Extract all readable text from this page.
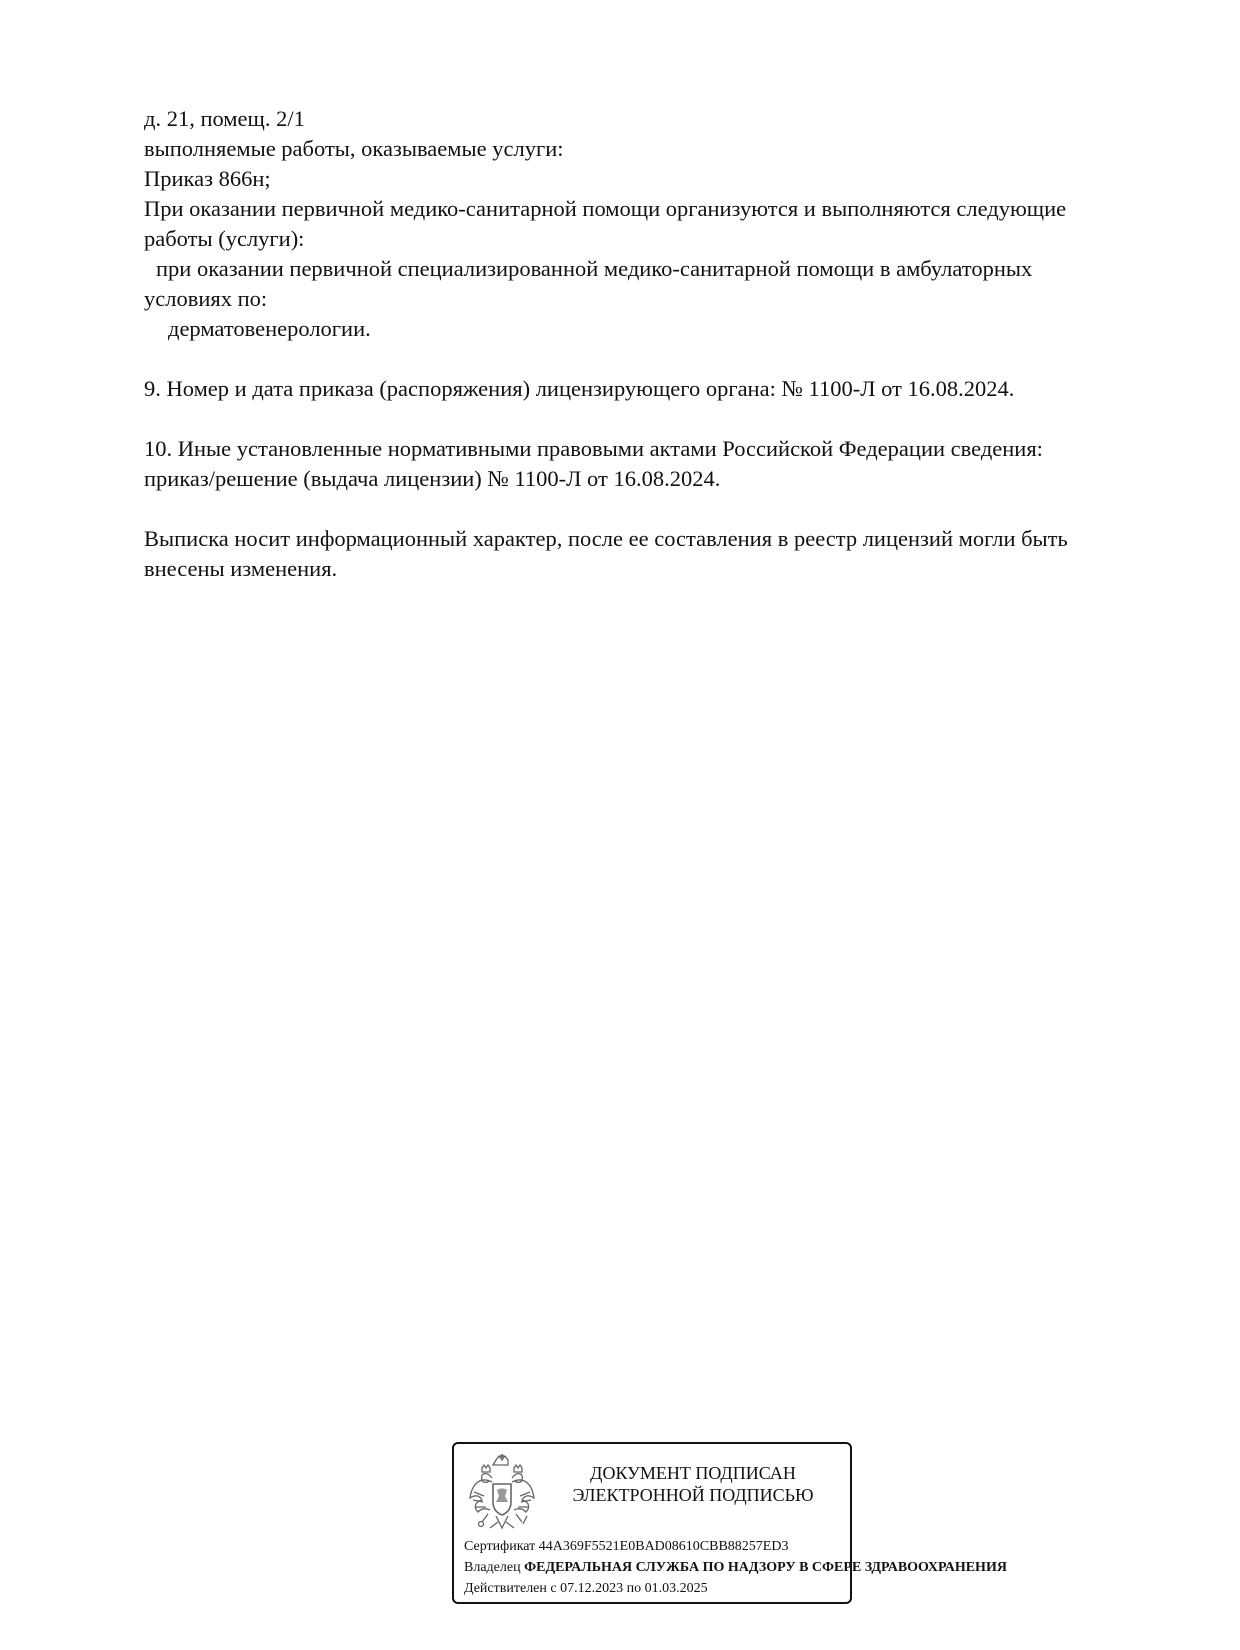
д. 21, помещ. 2/1
выполняемые работы, оказываемые услуги:
Приказ 866н;
При оказании первичной медико-санитарной помощи организуются и выполняются следующие
работы (услуги):
при оказании первичной специализированной медико-санитарной помощи в амбулаторных
условиях по:
дерматовенерологии.
9. Номер и дата приказа (распоряжения) лицензирующего органа: № 1100-Л от 16.08.2024.
10. Иные установленные нормативными правовыми актами Российской Федерации сведения:
приказ/решение (выдача лицензии) № 1100-Л от 16.08.2024.
Выписка носит информационный характер, после ее составления в реестр лицензий могли быть
внесены изменения.
ДОКУМЕНТ ПОДПИСАН
ЭЛЕКТРОННОЙ ПОДПИСЬЮ
Сертификат 44A369F5521E0BAD08610CBB88257ED3
Владелец ФЕДЕРАЛЬНАЯ СЛУЖБА ПО НАДЗОРУ В СФЕРЕ ЗДРАВООХРАНЕНИЯ
Действителен с 07.12.2023 по 01.03.2025
